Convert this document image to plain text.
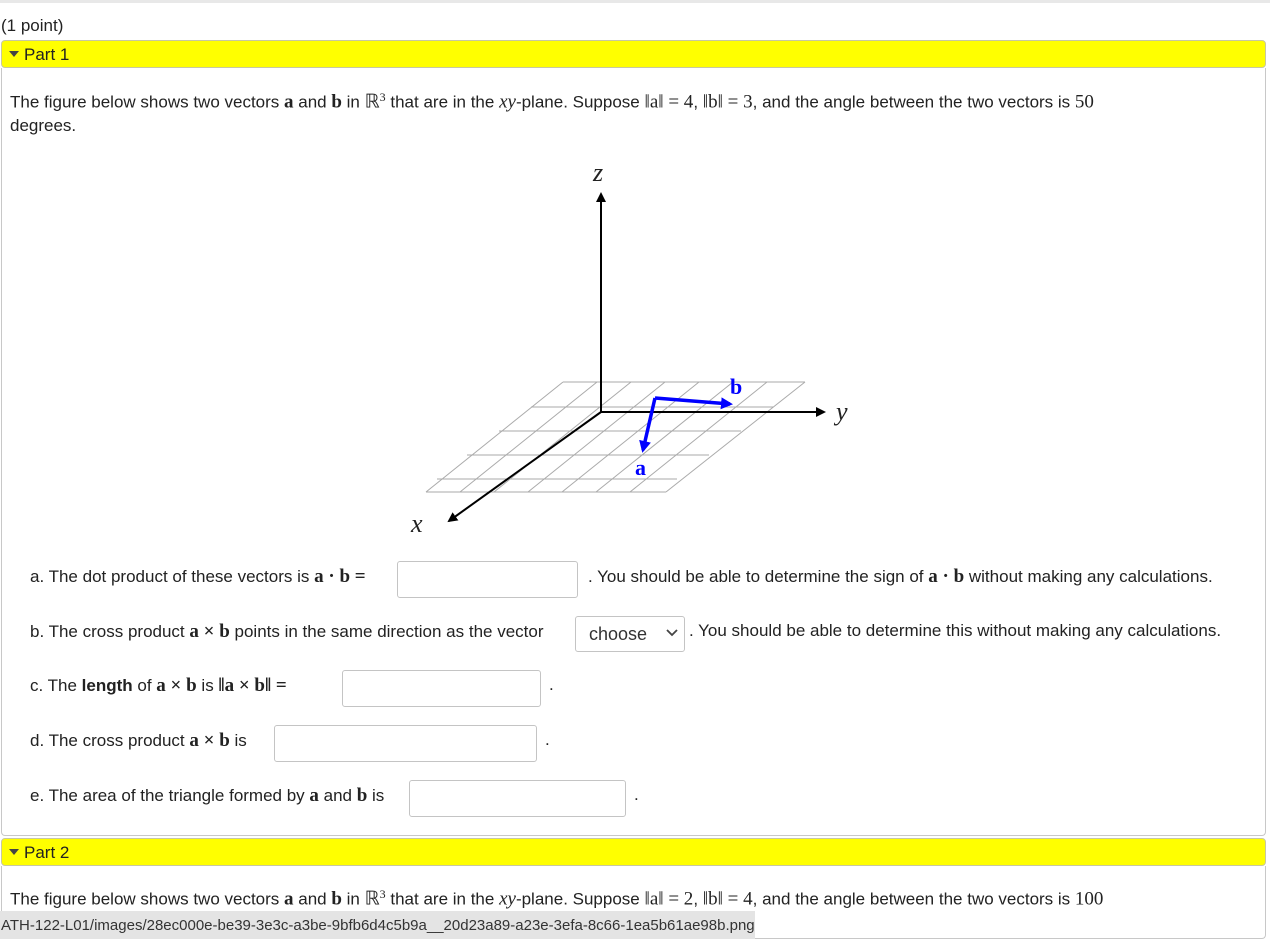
(1 point)
Part 1
The figure below shows two vectors a and b in ℝ$^3$ that are in the xy-plane. Suppose ‖a‖ = 4, ‖b‖ = 3, and the angle between the two vectors is 50
degrees.
z
y
x
a
b
a. The dot product of these vectors is a · b =	. You should be able to determine the sign of a · b without making any calculations.
b. The cross product a × b points in the same direction as the vector	choose . You should be able to determine this without making any calculations.
c. The length of a × b is ‖a × b‖ =	.
d. The cross product a × b is	.
e. The area of the triangle formed by a and b is	.
Part 2
The figure below shows two vectors a and b in ℝ$^3$ that are in the xy-plane. Suppose ‖a‖ = 2, ‖b‖ = 4, and the angle between the two vectors is 100
ATH-122-L01/images/28ec000e-be39-3e3c-a3be-9bfb6d4c5b9a__20d23a89-a23e-3efa-8c66-1ea5b61ae98b.png
